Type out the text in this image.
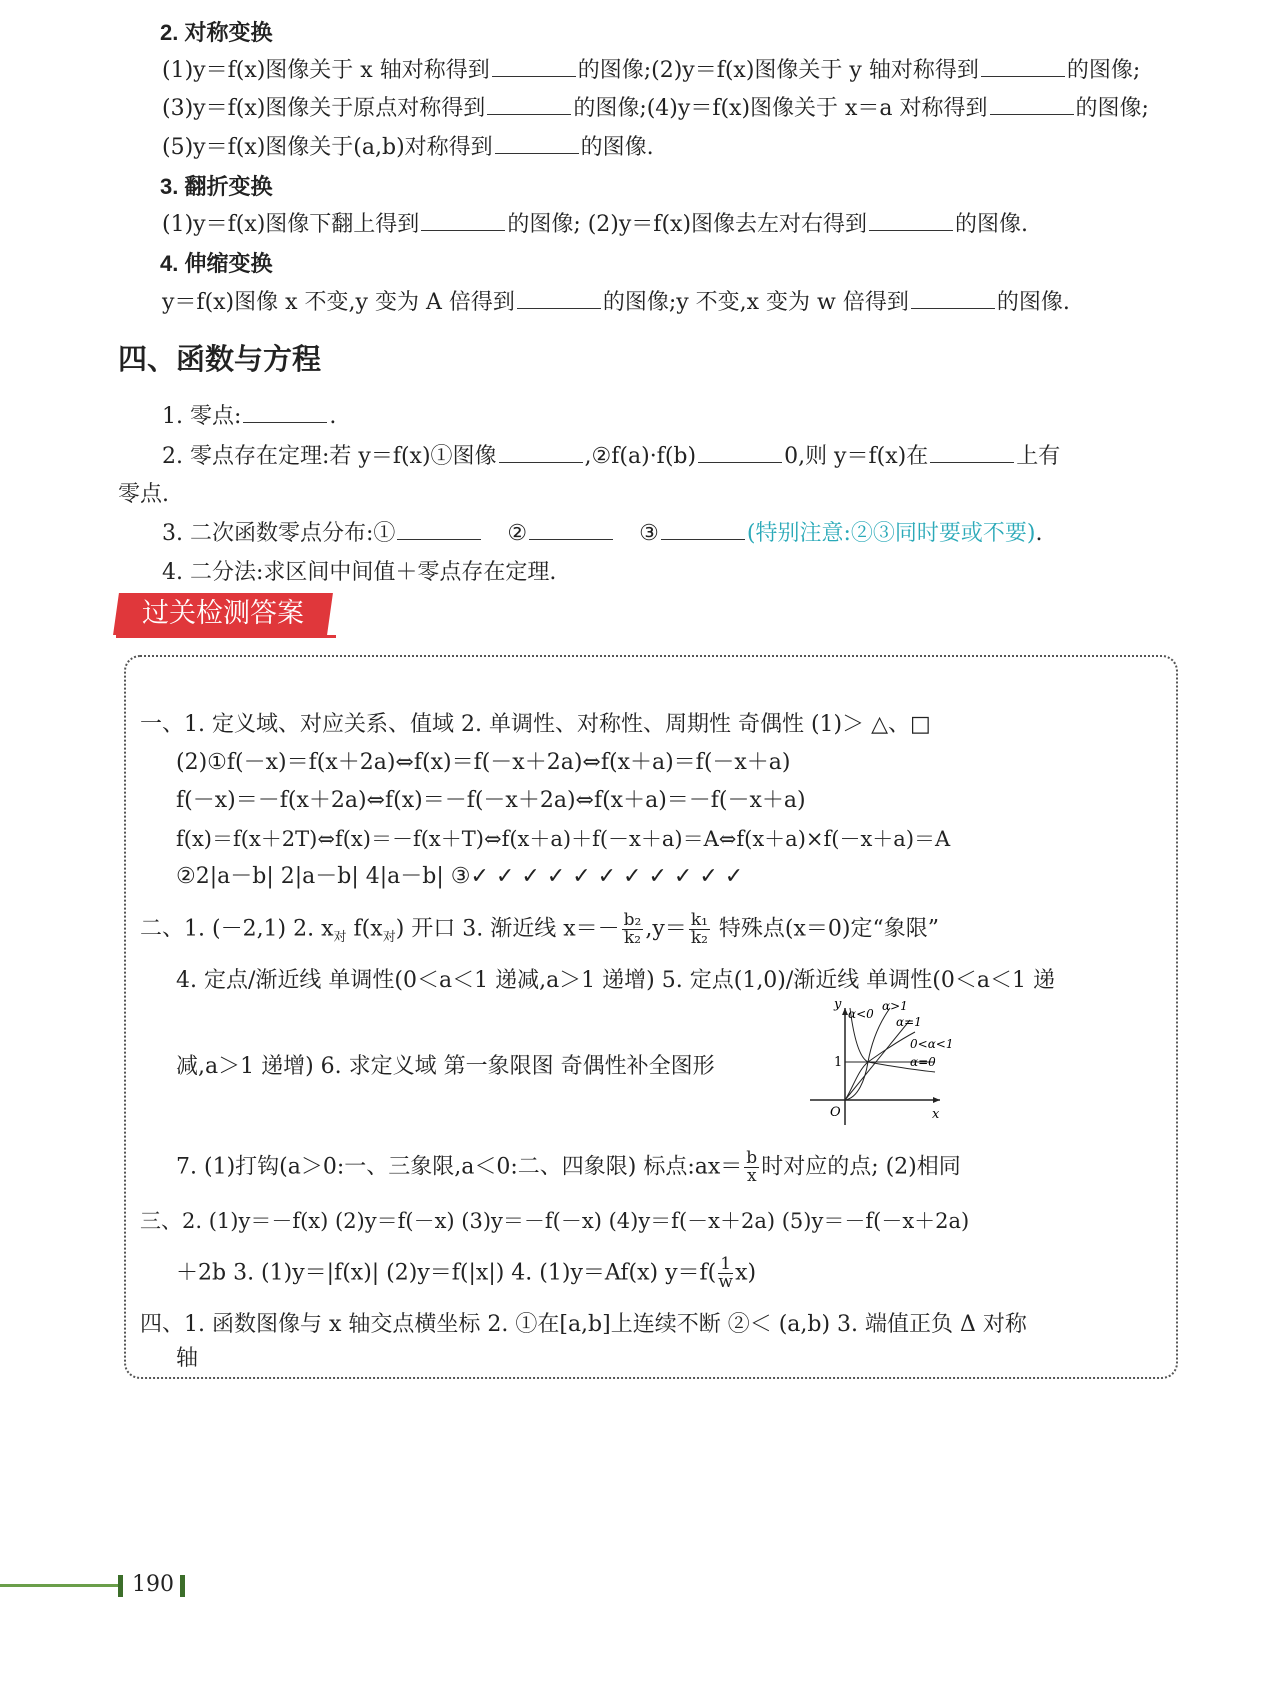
2. 对称变换
(1)y＝f(x)图像关于 x 轴对称得到	的图像;(2)y＝f(x)图像关于 y 轴对称得到	的图像;
(3)y＝f(x)图像关于原点对称得到	的图像;(4)y＝f(x)图像关于 x＝a 对称得到	的图像;
(5)y＝f(x)图像关于(a,b)对称得到	的图像.
3. 翻折变换
(1)y＝f(x)图像下翻上得到	的图像; (2)y＝f(x)图像去左对右得到	的图像.
4. 伸缩变换
y＝f(x)图像 x 不变,y 变为 A 倍得到	的图像;y 不变,x 变为 w 倍得到	的图像.
四、函数与方程
1. 零点:	.
2. 零点存在定理:若 y＝f(x)①图像	,②f(a)·f(b)	0,则 y＝f(x)在	上有
零点.
3. 二次函数零点分布:①	②	③	(特别注意:②③同时要或不要).
4. 二分法:求区间中间值＋零点存在定理.
过关检测答案
一、1. 定义域、对应关系、值域 2. 单调性、对称性、周期性 奇偶性 (1)＞ △、□
(2)①f(－x)＝f(x＋2a)⇔f(x)＝f(－x＋2a)⇔f(x＋a)＝f(－x＋a)
f(－x)＝－f(x＋2a)⇔f(x)＝－f(－x＋2a)⇔f(x＋a)＝－f(－x＋a)
f(x)＝f(x＋2T)⇔f(x)＝－f(x＋T)⇔f(x＋a)＋f(－x＋a)＝A⇔f(x＋a)×f(－x＋a)＝A
②2|a－b| 2|a－b| 4|a－b| ③✓ ✓ ✓ ✓ ✓ ✓ ✓ ✓ ✓ ✓ ✓
二、1. (－2,1) 2. $x_对$ $f(x_对)$ 开口 3. 渐近线 $x=- \frac{\text{b₂}}{\text{k₂}} ,y= \frac{\text{k₁}}{\text{k₂}}$ 特殊点(x＝0)定“象限”
4. 定点/渐近线 单调性(0＜a＜1 递减,a＞1 递增) 5. 定点(1,0)/渐近线 单调性(0＜a＜1 递
减,a＞1 递增) 6. 求定义域 第一象限图 奇偶性补全图形
y
x
O
1
α<0
α>1
α=1
0<α<1
α=0
7. (1)打钩(a＞0:一、三象限,a＜0:二、四象限) 标点:ax＝ $\frac{b}{x}$ 时对应的点; (2)相同
三、2. (1)y＝－f(x) (2)y＝f(－x) (3)y＝－f(－x) (4)y＝f(－x＋2a) (5)y＝－f(－x＋2a)
＋2b 3. (1)y＝|f(x)| (2)y＝f(|x|) 4. (1)y＝Af(x) $y=f( \frac{1}{w} x)$
四、1. 函数图像与 x 轴交点横坐标 2. ①在[a,b]上连续不断 ②＜ (a,b) 3. 端值正负 Δ 对称
轴
190
